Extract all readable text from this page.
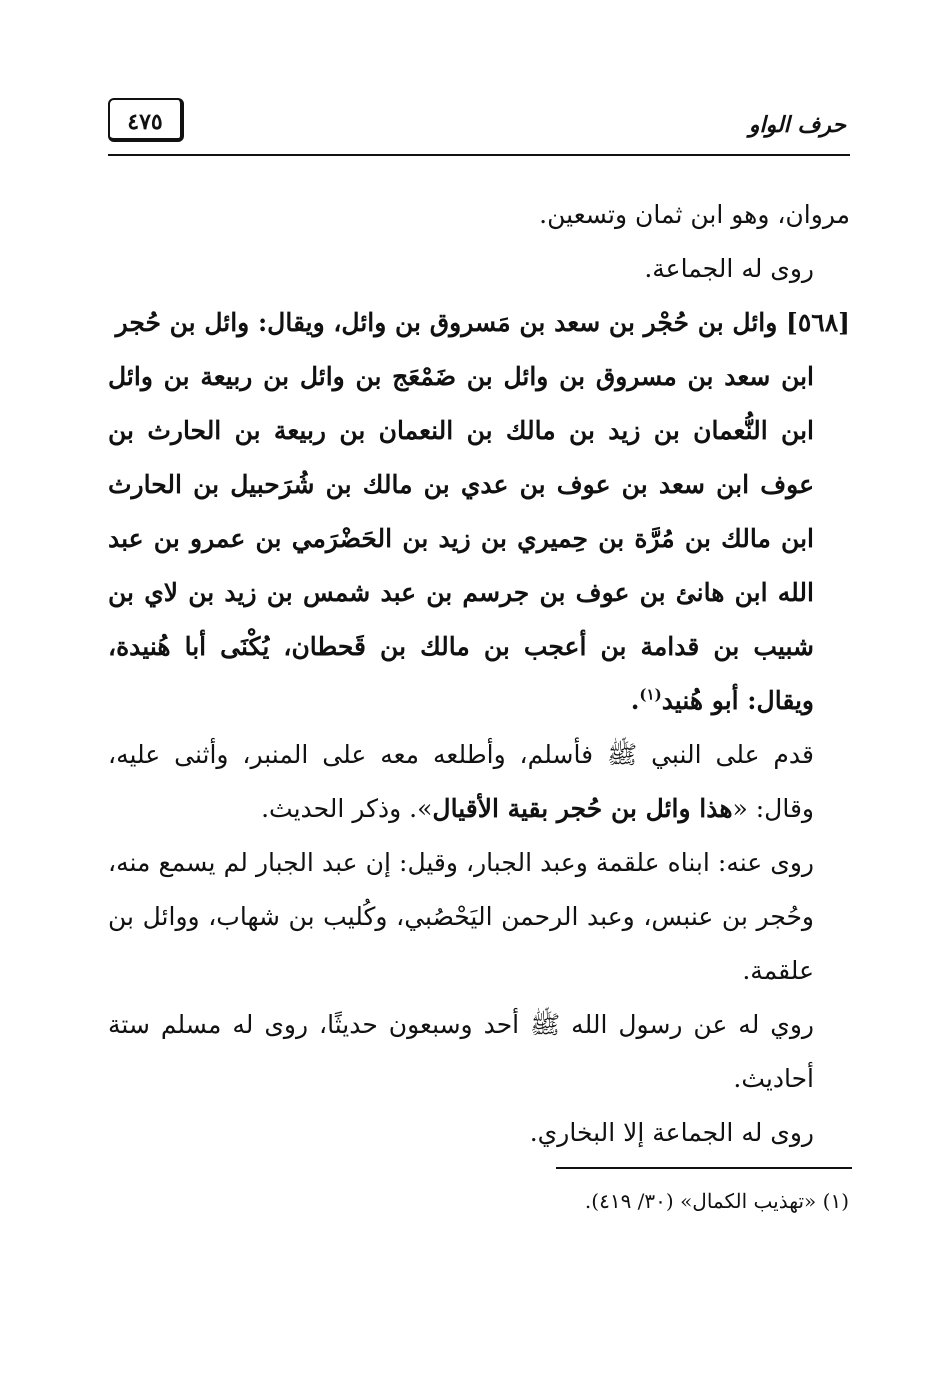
حرف الواو
٤٧٥

مروان، وهو ابن ثمان وتسعين.

روى له الجماعة.

[٥٦٨] وائل بن حُجْر بن سعد بن مَسروق بن وائل، ويقال: وائل بن حُجر

ابن سعد بن مسروق بن وائل بن ضَمْعَج بن وائل بن ربيعة بن وائل ابن النُّعمان بن زيد بن مالك بن النعمان بن ربيعة بن الحارث بن عوف ابن سعد بن عوف بن عدي بن مالك بن شُرَحبيل بن الحارث ابن مالك بن مُرَّة بن حِميري بن زيد بن الحَضْرَمي بن عمرو بن عبد الله ابن هانئ بن عوف بن جرسم بن عبد شمس بن زيد بن لاي بن شبيب بن قدامة بن أعجب بن مالك بن قَحطان، يُكْنَى أبا هُنيدة، ويقال: أبو هُنيد$^{(١)}$.

قدم على النبي ﷺ فأسلم، وأطلعه معه على المنبر، وأثنى عليه، وقال: «هذا وائل بن حُجر بقية الأقيال». وذكر الحديث.

روى عنه: ابناه علقمة وعبد الجبار، وقيل: إن عبد الجبار لم يسمع منه، وحُجر بن عنبس، وعبد الرحمن اليَحْصُبي، وكُليب بن شهاب، ووائل بن علقمة.

روي له عن رسول الله ﷺ أحد وسبعون حديثًا، روى له مسلم ستة أحاديث.

روى له الجماعة إلا البخاري.

(١) «تهذيب الكمال» (٣٠/ ٤١٩).
